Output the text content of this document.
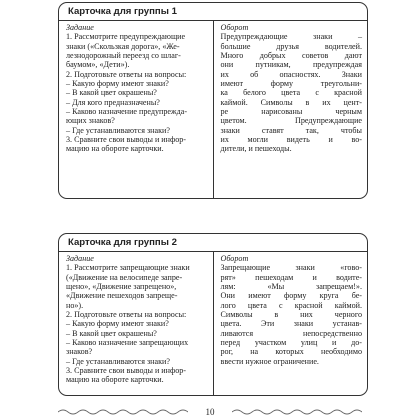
Карточка для группы 1
Задание
1. Рассмотрите предупреждающие
знаки («Скользкая дорога», «Же-
лезнодорожный переезд со шлаг-
баумом», «Дети»).
2. Подготовьте ответы на вопросы:
– Какую форму имеют знаки?
– В какой цвет окрашены?
– Для кого предназначены?
– Каково назначение предупрежда-
ющих знаков?
– Где устанавливаются знаки?
3. Сравните свои выводы и инфор-
мацию на обороте карточки.
Оборот
Предупреждающие знаки –
большие друзья водителей.
Много добрых советов дают
они путникам, предупреждая
их об опасностях. Знаки
имеют форму треугольни-
ка белого цвета с красной
каймой. Символы в их цент-
ре нарисованы черным
цветом. Предупреждающие
знаки ставят так, чтобы
их могли видеть и во-
дители, и пешеходы.
Карточка для группы 2
Задание
1. Рассмотрите запрещающие знаки
(«Движение на велосипеде запре-
щено», «Движение запрещено»,
«Движение пешеходов запреще-
но»).
2. Подготовьте ответы на вопросы:
– Какую форму имеют знаки?
– В какой цвет окрашены?
– Каково назначение запрещающих
знаков?
– Где устанавливаются знаки?
3. Сравните свои выводы и инфор-
мацию на обороте карточки.
Оборот
Запрещающие знаки «гово-
рят» пешеходам и водите-
лям: «Мы запрещаем!».
Они имеют форму круга бе-
лого цвета с красной каймой.
Символы в них черного
цвета. Эти знаки устанав-
ливаются непосредственно
перед участком улиц и до-
рог, на которых необходимо
ввести нужное ограничение.
10
